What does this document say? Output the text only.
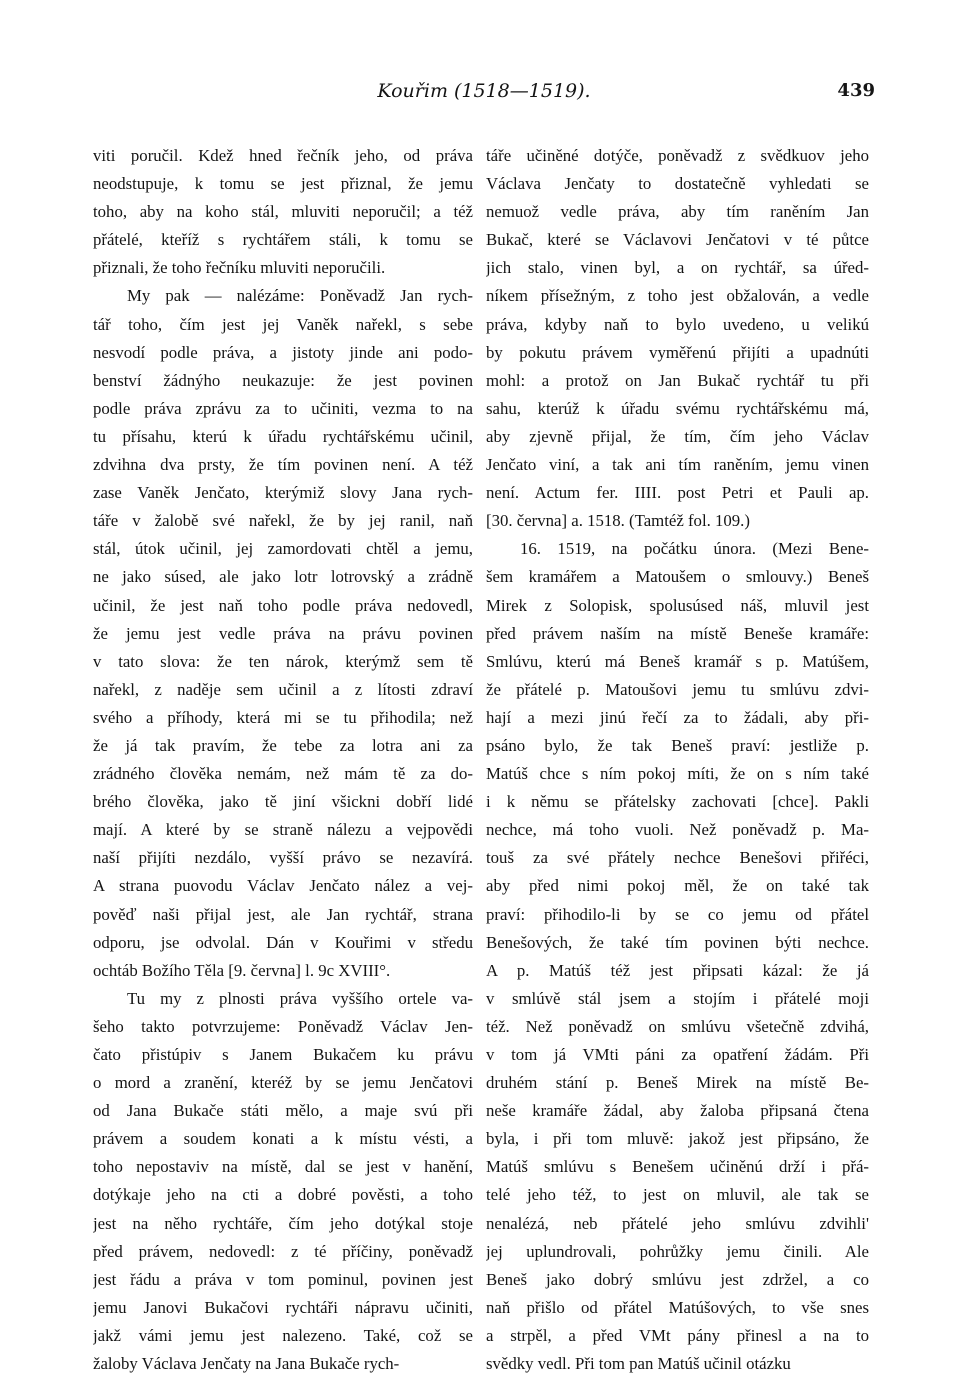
Kouřim (1518—1519).	439
viti poručil. Kdež hned řečník jeho, od práva
neodstupuje, k tomu se jest přiznal, že jemu
toho, aby na koho stál, mluviti neporučil; a též
přátelé, kteříž s rychtářem stáli, k tomu se
přiznali, že toho řečníku mluviti neporučili.
My pak — nalézáme: Poněvadž Jan rych-
tář toho, čím jest jej Vaněk nařekl, s sebe
nesvodí podle práva, a jistoty jinde ani podo-
benství žádnýho neukazuje: že jest povinen
podle práva zprávu za to učiniti, vezma to na
tu přísahu, kterú k úřadu rychtářskému učinil,
zdvihna dva prsty, že tím povinen není. A též
zase Vaněk Jenčato, kterýmiž slovy Jana rych-
táře v žalobě své nařekl, že by jej ranil, naň
stál, útok učinil, jej zamordovati chtěl a jemu,
ne jako súsed, ale jako lotr lotrovský a zrádně
učinil, že jest naň toho podle práva nedovedl,
že jemu jest vedle práva na právu povinen
v tato slova: že ten nárok, kterýmž sem tě
nařekl, z naděje sem učinil a z lítosti zdraví
svého a příhody, která mi se tu přihodila; než
že já tak pravím, že tebe za lotra ani za
zrádného člověka nemám, než mám tě za do-
brého člověka, jako tě jiní všickni dobří lidé
mají. A které by se straně nálezu a vejpovědi
naší přijíti nezdálo, vyšší právo se nezavírá.
A strana puovodu Václav Jenčato nález a vej-
pověď naši přijal jest, ale Jan rychtář, strana
odporu, jse odvolal. Dán v Kouřimi v středu
ochtáb Božího Těla [9. června] l. 9c XVIII°.
Tu my z plnosti práva vyššího ortele va-
šeho takto potvrzujeme: Poněvadž Václav Jen-
čato přistúpiv s Janem Bukačem ku právu
o mord a zranění, kteréž by se jemu Jenčatovi
od Jana Bukače státi mělo, a maje svú při
právem a soudem konati a k místu vésti, a
toho nepostaviv na místě, dal se jest v hanění,
dotýkaje jeho na cti a dobré pověsti, a toho
jest na něho rychtáře, čím jeho dotýkal stoje
před právem, nedovedl: z té příčiny, poněvadž
jest řádu a práva v tom pominul, povinen jest
jemu Janovi Bukačovi rychtáři nápravu učiniti,
jakž vámi jemu jest nalezeno. Také, což se
žaloby Václava Jenčaty na Jana Bukače rych-
táře učiněné dotýče, poněvadž z svědkuov jeho
Václava Jenčaty to dostatečně vyhledati se
nemuož vedle práva, aby tím raněním Jan
Bukač, které se Václavovi Jenčatovi v té půtce
jich stalo, vinen byl, a on rychtář, sa úřed-
níkem přísežným, z toho jest obžalován, a vedle
práva, kdyby naň to bylo uvedeno, u velikú
by pokutu právem vyměřenú přijíti a upadnúti
mohl: a protož on Jan Bukač rychtář tu při
sahu, kterúž k úřadu svému rychtářskému má,
aby zjevně přijal, že tím, čím jeho Václav
Jenčato viní, a tak ani tím raněním, jemu vinen
není. Actum fer. IIII. post Petri et Pauli ap.
[30. června] a. 1518. (Tamtéž fol. 109.)
16. 1519, na počátku února. (Mezi Bene-
šem kramářem a Matoušem o smlouvy.) Beneš
Mirek z Solopisk, spolusúsed náš, mluvil jest
před právem naším na místě Beneše kramáře:
Smlúvu, kterú má Beneš kramář s p. Matúšem,
že přátelé p. Matoušovi jemu tu smlúvu zdvi-
hají a mezi jinú řečí za to žádali, aby při-
psáno bylo, že tak Beneš praví: jestliže p.
Matúš chce s ním pokoj míti, že on s ním také
i k němu se přátelsky zachovati [chce]. Pakli
nechce, má toho vuoli. Než poněvadž p. Ma-
touš za své přátely nechce Benešovi přiřéci,
aby před nimi pokoj měl, že on také tak
praví: přihodilo-li by se co jemu od přátel
Benešových, že také tím povinen býti nechce.
A p. Matúš též jest připsati kázal: že já
v smlúvě stál jsem a stojím i přátelé moji
též. Než poněvadž on smlúvu všetečně zdvihá,
v tom já VMti páni za opatření žádám. Při
druhém stání p. Beneš Mirek na místě Be-
neše kramáře žádal, aby žaloba připsaná čtena
byla, i při tom mluvě: jakož jest připsáno, že
Matúš smlúvu s Benešem učiněnú drží i přá-
telé jeho též, to jest on mluvil, ale tak se
nenalézá, neb přátelé jeho smlúvu zdvihli'
jej uplundrovali, pohrůžky jemu činili. Ale
Beneš jako dobrý smlúvu jest zdržel, a co
naň přišlo od přátel Matúšových, to vše snes
a strpěl, a před VMt pány přinesl a na to
svědky vedl. Při tom pan Matúš učinil otázku
